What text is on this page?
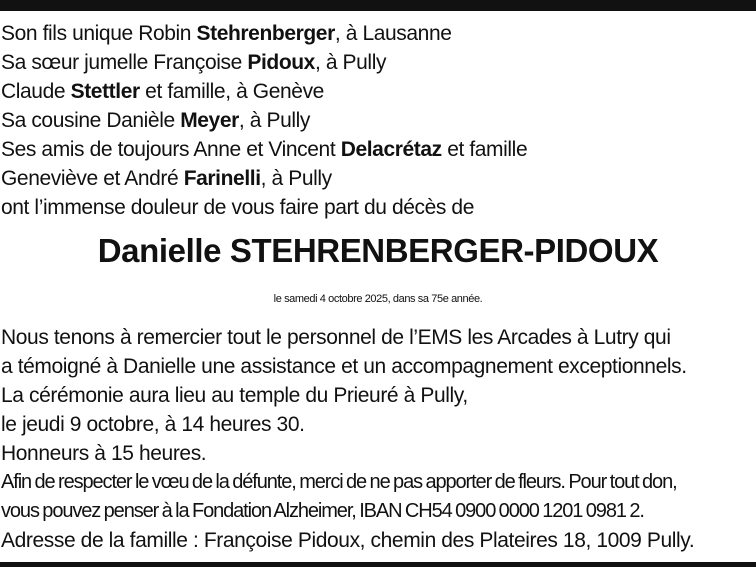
Son fils unique Robin Stehrenberger, à Lausanne
Sa sœur jumelle Françoise Pidoux, à Pully
Claude Stettler et famille, à Genève
Sa cousine Danièle Meyer, à Pully
Ses amis de toujours Anne et Vincent Delacrétaz et famille
Geneviève et André Farinelli, à Pully
ont l’immense douleur de vous faire part du décès de
Danielle STEHRENBERGER-PIDOUX
le samedi 4 octobre 2025, dans sa 75e année.
Nous tenons à remercier tout le personnel de l’EMS les Arcades à Lutry qui
a témoigné à Danielle une assistance et un accompagnement exceptionnels.
La cérémonie aura lieu au temple du Prieuré à Pully,
le jeudi 9 octobre, à 14 heures 30.
Honneurs à 15 heures.
Afin de respecter le vœu de la défunte, merci de ne pas apporter de fleurs. Pour tout don,
vous pouvez penser à la Fondation Alzheimer, IBAN CH54 0900 0000 1201 0981 2.
Adresse de la famille : Françoise Pidoux, chemin des Plateires 18, 1009 Pully.
